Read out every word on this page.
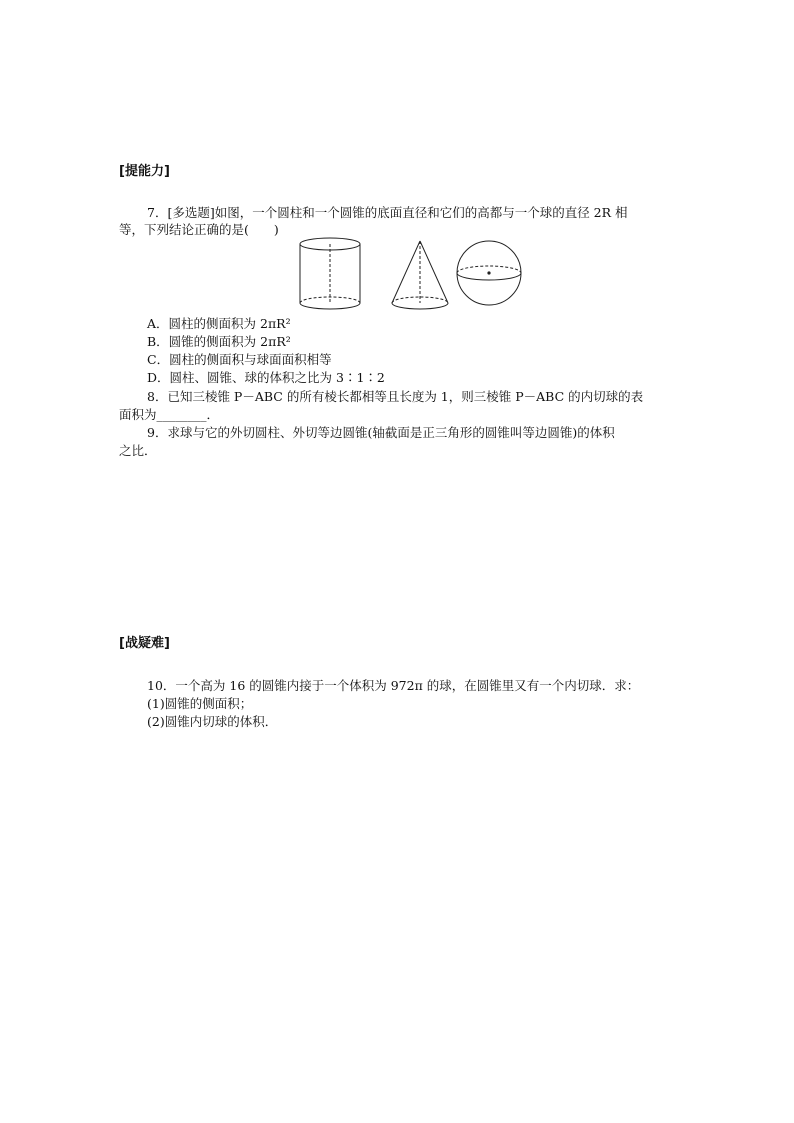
[提能力]
7．[多选题]如图，一个圆柱和一个圆锥的底面直径和它们的高都与一个球的直径 2R 相
等，下列结论正确的是(　　)
A．圆柱的侧面积为 2πR²
B．圆锥的侧面积为 2πR²
C．圆柱的侧面积与球面面积相等
D．圆柱、圆锥、球的体积之比为 3∶1∶2
8．已知三棱锥 P－ABC 的所有棱长都相等且长度为 1，则三棱锥 P－ABC 的内切球的表
面积为________．
9．求球与它的外切圆柱、外切等边圆锥(轴截面是正三角形的圆锥叫等边圆锥)的体积
之比．
[战疑难]
10．一个高为 16 的圆锥内接于一个体积为 972π 的球，在圆锥里又有一个内切球．求：
(1)圆锥的侧面积；
(2)圆锥内切球的体积．
